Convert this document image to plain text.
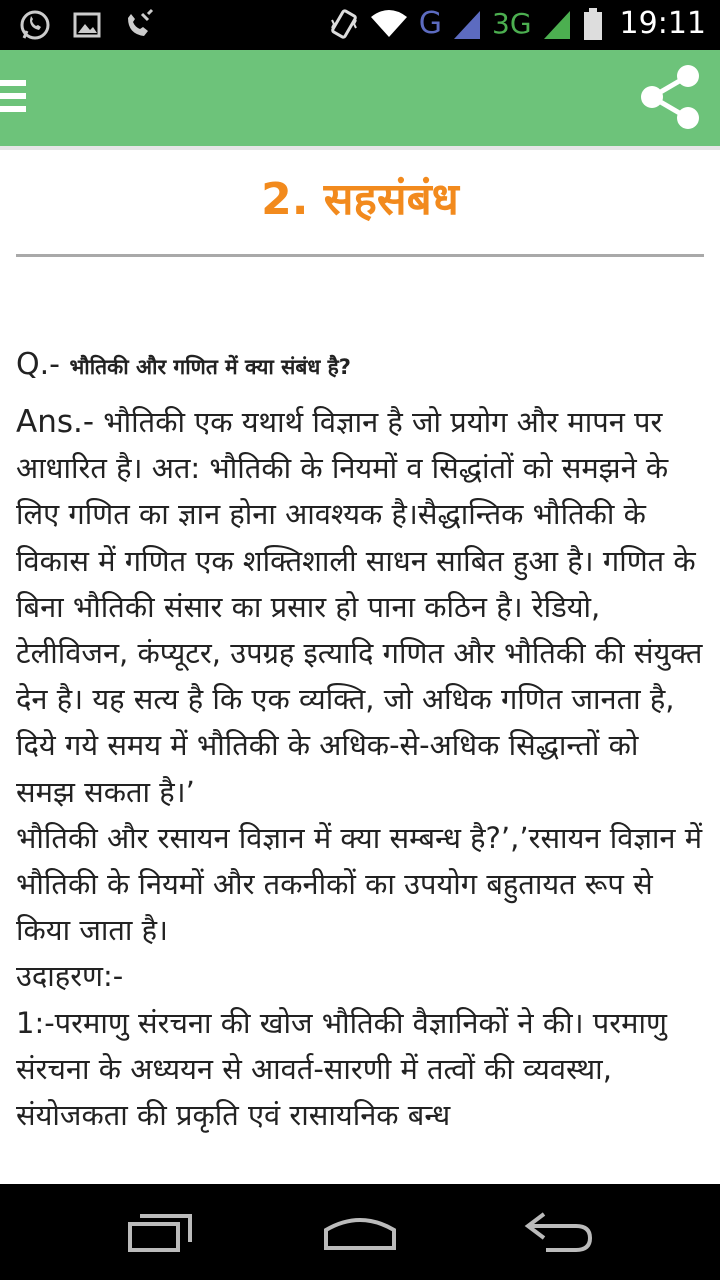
G 3G	19:11
2. सहसंबंध
Q.- भौतिकी और गणित में क्या संबंध है?
Ans.- भौतिकी एक यथार्थ विज्ञान है जो प्रयोग और मापन पर आधारित है। अत: भौतिकी के नियमों व सिद्धांतों को समझने के लिए गणित का ज्ञान होना आवश्यक है।सैद्धान्तिक भौतिकी के विकास में गणित एक शक्तिशाली साधन साबित हुआ है। गणित के बिना भौतिकी संसार का प्रसार हो पाना कठिन है। रेडियो, टेलीविजन, कंप्यूटर, उपग्रह इत्यादि गणित और भौतिकी की संयुक्त देन है। यह सत्य है कि एक व्यक्ति, जो अधिक गणित जानता है, दिये गये समय में भौतिकी के अधिक-से-अधिक सिद्धान्तों को समझ सकता है।’
भौतिकी और रसायन विज्ञान में क्या सम्बन्ध है?’,’रसायन विज्ञान में भौतिकी के नियमों और तकनीकों का उपयोग बहुतायत रूप से किया जाता है।
उदाहरण:-
1:-परमाणु संरचना की खोज भौतिकी वैज्ञानिकों ने की। परमाणु संरचना के अध्ययन से आवर्त-सारणी में तत्वों की व्यवस्था, संयोजकता की प्रकृति एवं रासायनिक बन्ध
